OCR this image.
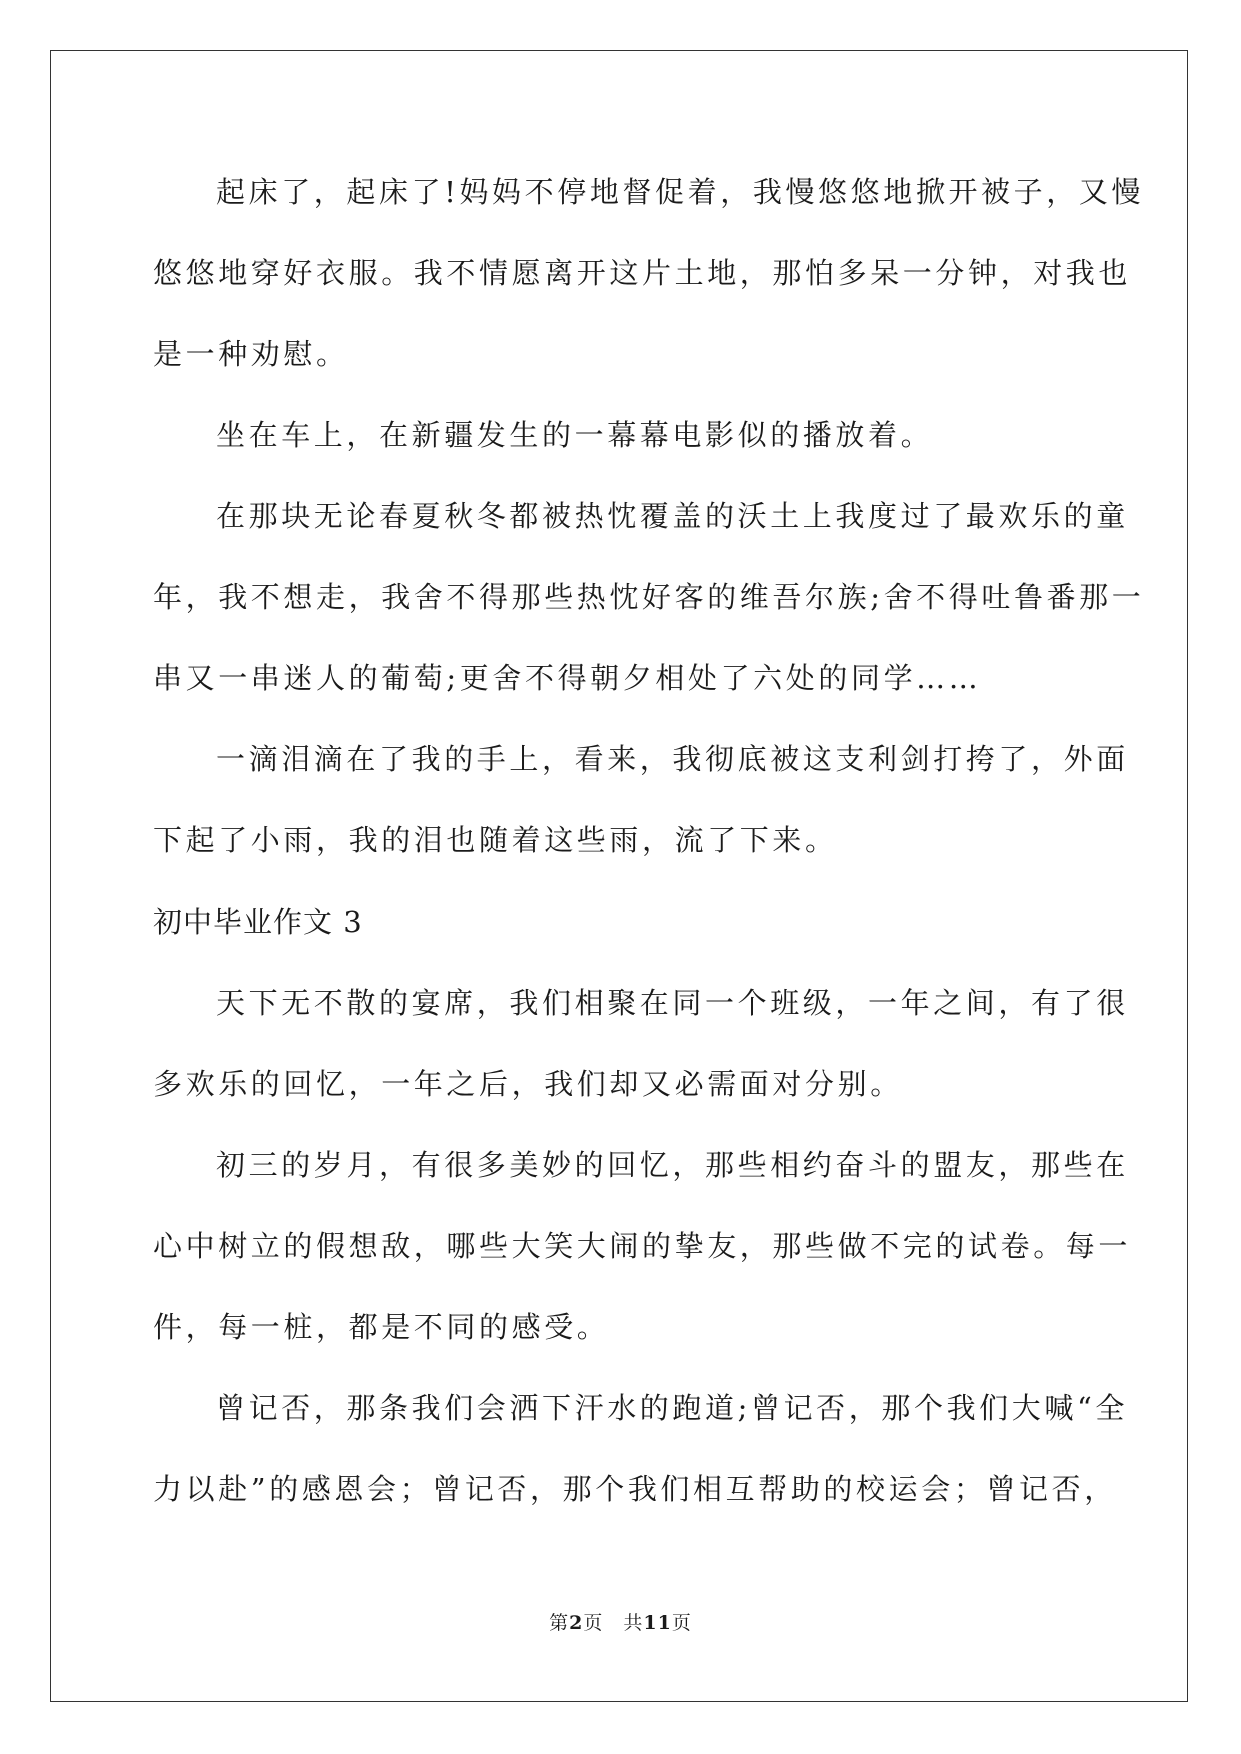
起床了，起床了!妈妈不停地督促着，我慢悠悠地掀开被子，又慢
悠悠地穿好衣服。我不情愿离开这片土地，那怕多呆一分钟，对我也
是一种劝慰。
坐在车上，在新疆发生的一幕幕电影似的播放着。
在那块无论春夏秋冬都被热忱覆盖的沃土上我度过了最欢乐的童
年，我不想走，我舍不得那些热忱好客的维吾尔族;舍不得吐鲁番那一
串又一串迷人的葡萄;更舍不得朝夕相处了六处的同学……
一滴泪滴在了我的手上，看来，我彻底被这支利剑打挎了，外面
下起了小雨，我的泪也随着这些雨，流了下来。
初中毕业作文 3
天下无不散的宴席，我们相聚在同一个班级，一年之间，有了很
多欢乐的回忆，一年之后，我们却又必需面对分别。
初三的岁月，有很多美妙的回忆，那些相约奋斗的盟友，那些在
心中树立的假想敌，哪些大笑大闹的挚友，那些做不完的试卷。每一
件，每一桩，都是不同的感受。
曾记否，那条我们会洒下汗水的跑道;曾记否，那个我们大喊“全
力以赴”的感恩会；曾记否，那个我们相互帮助的校运会；曾记否，
第2页 共11页
